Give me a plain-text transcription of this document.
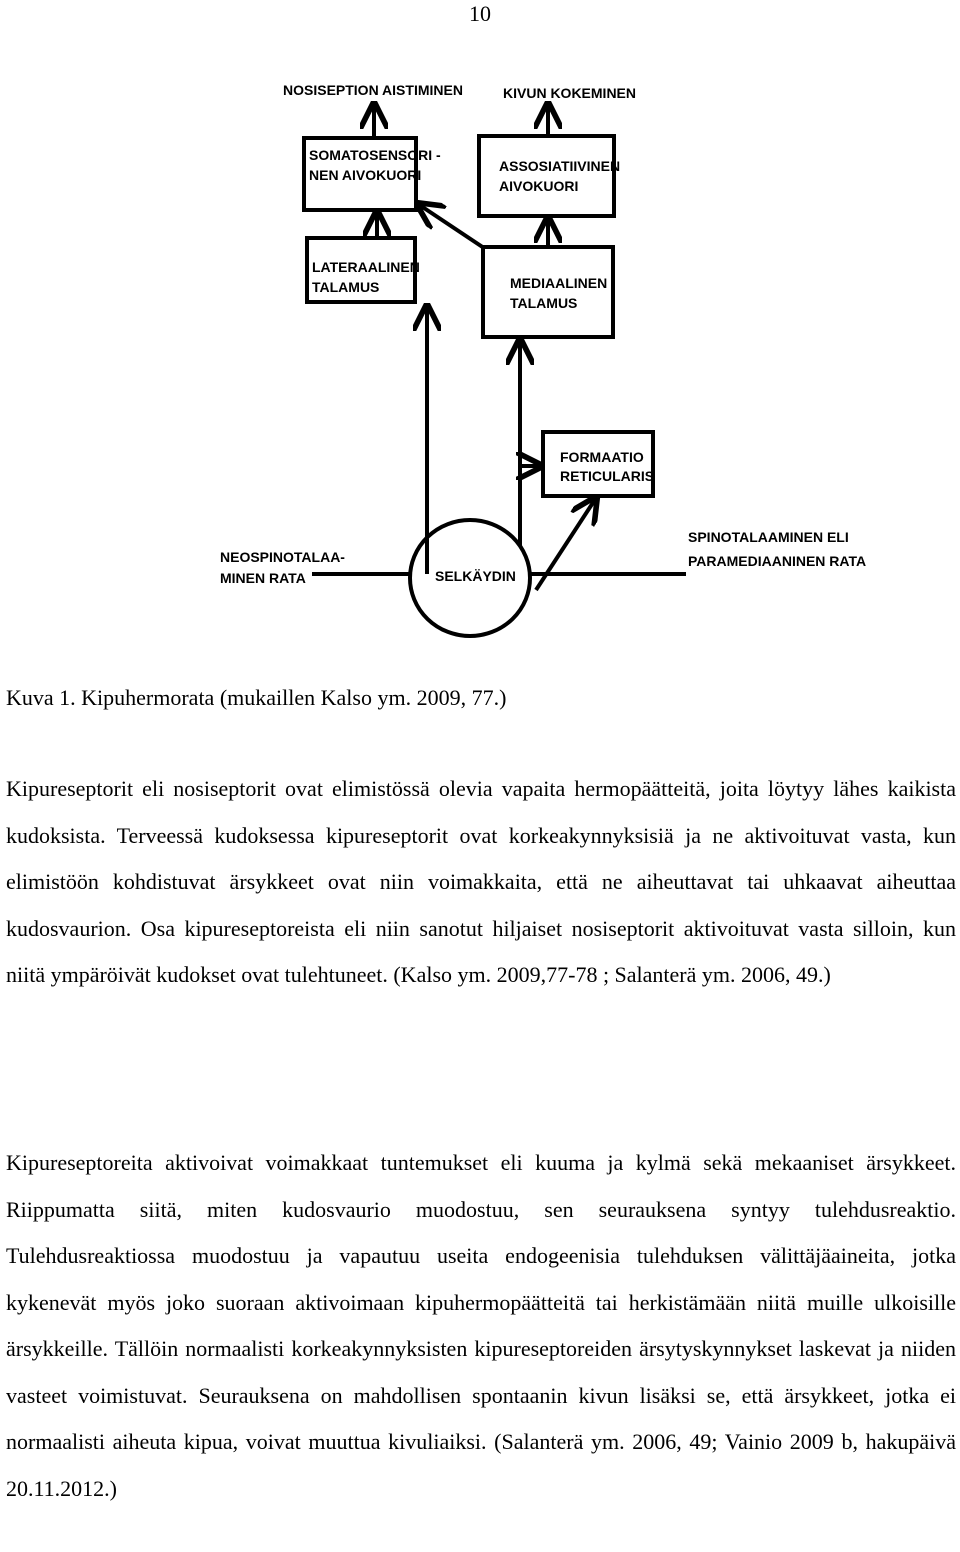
10
NOSISEPTION AISTIMINEN	KIVUN KOKEMINEN
SOMATOSENSORI -
NEN AIVOKUORI
ASSOSIATIIVINEN
AIVOKUORI
LATERAALINEN
TALAMUS	MEDIAALINEN
TALAMUS
FORMAATIO
RETICULARIS
SELKÄYDIN
NEOSPINOTALAA-
MINEN RATA
SPINOTALAAMINEN ELI
PARAMEDIAANINEN RATA
Kuva 1. Kipuhermorata (mukaillen Kalso ym. 2009, 77.)

Kipureseptorit eli nosiseptorit ovat elimistössä olevia vapaita hermopäätteitä, joita löytyy lähes kaikista kudoksista. Terveessä kudoksessa kipureseptorit ovat korkeakynnyksisiä ja ne aktivoituvat vasta, kun elimistöön kohdistuvat ärsykkeet ovat niin voimakkaita, että ne aiheuttavat tai uhkaavat aiheuttaa kudosvaurion. Osa kipureseptoreista eli niin sanotut hiljaiset nosiseptorit aktivoituvat vasta silloin, kun niitä ympäröivät kudokset ovat tulehtuneet. (Kalso ym. 2009,77-78 ; Salanterä ym. 2006, 49.)

Kipureseptoreita aktivoivat voimakkaat tuntemukset eli kuuma ja kylmä sekä mekaaniset ärsykkeet. Riippumatta siitä, miten kudosvaurio muodostuu, sen seurauksena syntyy tulehdusreaktio. Tulehdusreaktiossa muodostuu ja vapautuu useita endogeenisia tulehduksen välittäjäaineita, jotka kykenevät myös joko suoraan aktivoimaan kipuhermopäätteitä tai herkistämään niitä muille ulkoisille ärsykkeille. Tällöin normaalisti korkeakynnyksisten kipureseptoreiden ärsytyskynnykset laskevat ja niiden vasteet voimistuvat. Seurauksena on mahdollisen spontaanin kivun lisäksi se, että ärsykkeet, jotka ei normaalisti aiheuta kipua, voivat muuttua kivuliaiksi. (Salanterä ym. 2006, 49; Vainio 2009 b, hakupäivä 20.11.2012.)
